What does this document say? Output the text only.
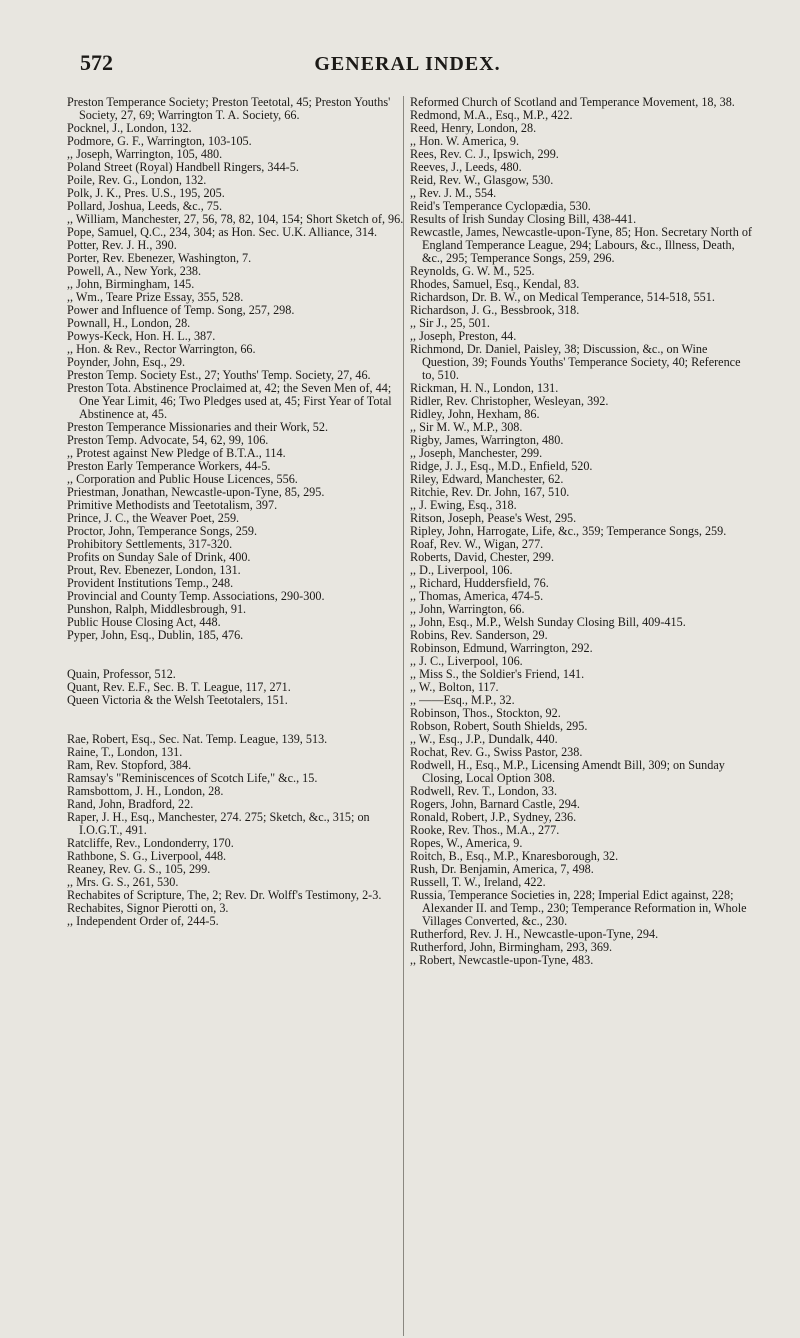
572	GENERAL INDEX.

Preston Temperance Society; Preston Teetotal, 45; Preston Youths' Society, 27, 69; Warrington T. A. Society, 66.

Pocknel, J., London, 132.

Podmore, G. F., Warrington, 103-105.

,, Joseph, Warrington, 105, 480.

Poland Street (Royal) Handbell Ringers, 344-5.

Poile, Rev. G., London, 132.

Polk, J. K., Pres. U.S., 195, 205.

Pollard, Joshua, Leeds, &c., 75.

,, William, Manchester, 27, 56, 78, 82, 104, 154; Short Sketch of, 96.

Pope, Samuel, Q.C., 234, 304; as Hon. Sec. U.K. Alliance, 314.

Potter, Rev. J. H., 390.

Porter, Rev. Ebenezer, Washington, 7.

Powell, A., New York, 238.

,, John, Birmingham, 145.

,, Wm., Teare Prize Essay, 355, 528.

Power and Influence of Temp. Song, 257, 298.

Pownall, H., London, 28.

Powys-Keck, Hon. H. L., 387.

,, Hon. & Rev., Rector Warrington, 66.

Poynder, John, Esq., 29.

Preston Temp. Society Est., 27; Youths' Temp. Society, 27, 46.

Preston Tota. Abstinence Proclaimed at, 42; the Seven Men of, 44; One Year Limit, 46; Two Pledges used at, 45; First Year of Total Abstinence at, 45.

Preston Temperance Missionaries and their Work, 52.

Preston Temp. Advocate, 54, 62, 99, 106.

,, Protest against New Pledge of B.T.A., 114.

Preston Early Temperance Workers, 44-5.

,, Corporation and Public House Licences, 556.

Priestman, Jonathan, Newcastle-upon-Tyne, 85, 295.

Primitive Methodists and Teetotalism, 397.

Prince, J. C., the Weaver Poet, 259.

Proctor, John, Temperance Songs, 259.

Prohibitory Settlements, 317-320.

Profits on Sunday Sale of Drink, 400.

Prout, Rev. Ebenezer, London, 131.

Provident Institutions Temp., 248.

Provincial and County Temp. Associations, 290-300.

Punshon, Ralph, Middlesbrough, 91.

Public House Closing Act, 448.

Pyper, John, Esq., Dublin, 185, 476.

Quain, Professor, 512.

Quant, Rev. E.F., Sec. B. T. League, 117, 271.

Queen Victoria & the Welsh Teetotalers, 151.

Rae, Robert, Esq., Sec. Nat. Temp. League, 139, 513.

Raine, T., London, 131.

Ram, Rev. Stopford, 384.

Ramsay's "Reminiscences of Scotch Life," &c., 15.

Ramsbottom, J. H., London, 28.

Rand, John, Bradford, 22.

Raper, J. H., Esq., Manchester, 274. 275; Sketch, &c., 315; on I.O.G.T., 491.

Ratcliffe, Rev., Londonderry, 170.

Rathbone, S. G., Liverpool, 448.

Reaney, Rev. G. S., 105, 299.

,, Mrs. G. S., 261, 530.

Rechabites of Scripture, The, 2; Rev. Dr. Wolff's Testimony, 2-3.

Rechabites, Signor Pierotti on, 3.

,, Independent Order of, 244-5.

Reformed Church of Scotland and Temperance Movement, 18, 38.

Redmond, M.A., Esq., M.P., 422.

Reed, Henry, London, 28.

,, Hon. W. America, 9.

Rees, Rev. C. J., Ipswich, 299.

Reeves, J., Leeds, 480.

Reid, Rev. W., Glasgow, 530.

,, Rev. J. M., 554.

Reid's Temperance Cyclopædia, 530.

Results of Irish Sunday Closing Bill, 438-441.

Rewcastle, James, Newcastle-upon-Tyne, 85; Hon. Secretary North of England Temperance League, 294; Labours, &c., Illness, Death, &c., 295; Temperance Songs, 259, 296.

Reynolds, G. W. M., 525.

Rhodes, Samuel, Esq., Kendal, 83.

Richardson, Dr. B. W., on Medical Temperance, 514-518, 551.

Richardson, J. G., Bessbrook, 318.

,, Sir J., 25, 501.

,, Joseph, Preston, 44.

Richmond, Dr. Daniel, Paisley, 38; Discussion, &c., on Wine Question, 39; Founds Youths' Temperance Society, 40; Reference to, 510.

Rickman, H. N., London, 131.

Ridler, Rev. Christopher, Wesleyan, 392.

Ridley, John, Hexham, 86.

,, Sir M. W., M.P., 308.

Rigby, James, Warrington, 480.

,, Joseph, Manchester, 299.

Ridge, J. J., Esq., M.D., Enfield, 520.

Riley, Edward, Manchester, 62.

Ritchie, Rev. Dr. John, 167, 510.

,, J. Ewing, Esq., 318.

Ritson, Joseph, Pease's West, 295.

Ripley, John, Harrogate, Life, &c., 359; Temperance Songs, 259.

Roaf, Rev. W., Wigan, 277.

Roberts, David, Chester, 299.

,, D., Liverpool, 106.

,, Richard, Huddersfield, 76.

,, Thomas, America, 474-5.

,, John, Warrington, 66.

,, John, Esq., M.P., Welsh Sunday Closing Bill, 409-415.

Robins, Rev. Sanderson, 29.

Robinson, Edmund, Warrington, 292.

,, J. C., Liverpool, 106.

,, Miss S., the Soldier's Friend, 141.

,, W., Bolton, 117.

,, ——Esq., M.P., 32.

Robinson, Thos., Stockton, 92.

Robson, Robert, South Shields, 295.

,, W., Esq., J.P., Dundalk, 440.

Rochat, Rev. G., Swiss Pastor, 238.

Rodwell, H., Esq., M.P., Licensing Amendt Bill, 309; on Sunday Closing, Local Option 308.

Rodwell, Rev. T., London, 33.

Rogers, John, Barnard Castle, 294.

Ronald, Robert, J.P., Sydney, 236.

Rooke, Rev. Thos., M.A., 277.

Ropes, W., America, 9.

Roitch, B., Esq., M.P., Knaresborough, 32.

Rush, Dr. Benjamin, America, 7, 498.

Russell, T. W., Ireland, 422.

Russia, Temperance Societies in, 228; Imperial Edict against, 228; Alexander II. and Temp., 230; Temperance Reformation in, Whole Villages Converted, &c., 230.

Rutherford, Rev. J. H., Newcastle-upon-Tyne, 294.

Rutherford, John, Birmingham, 293, 369.

,, Robert, Newcastle-upon-Tyne, 483.
